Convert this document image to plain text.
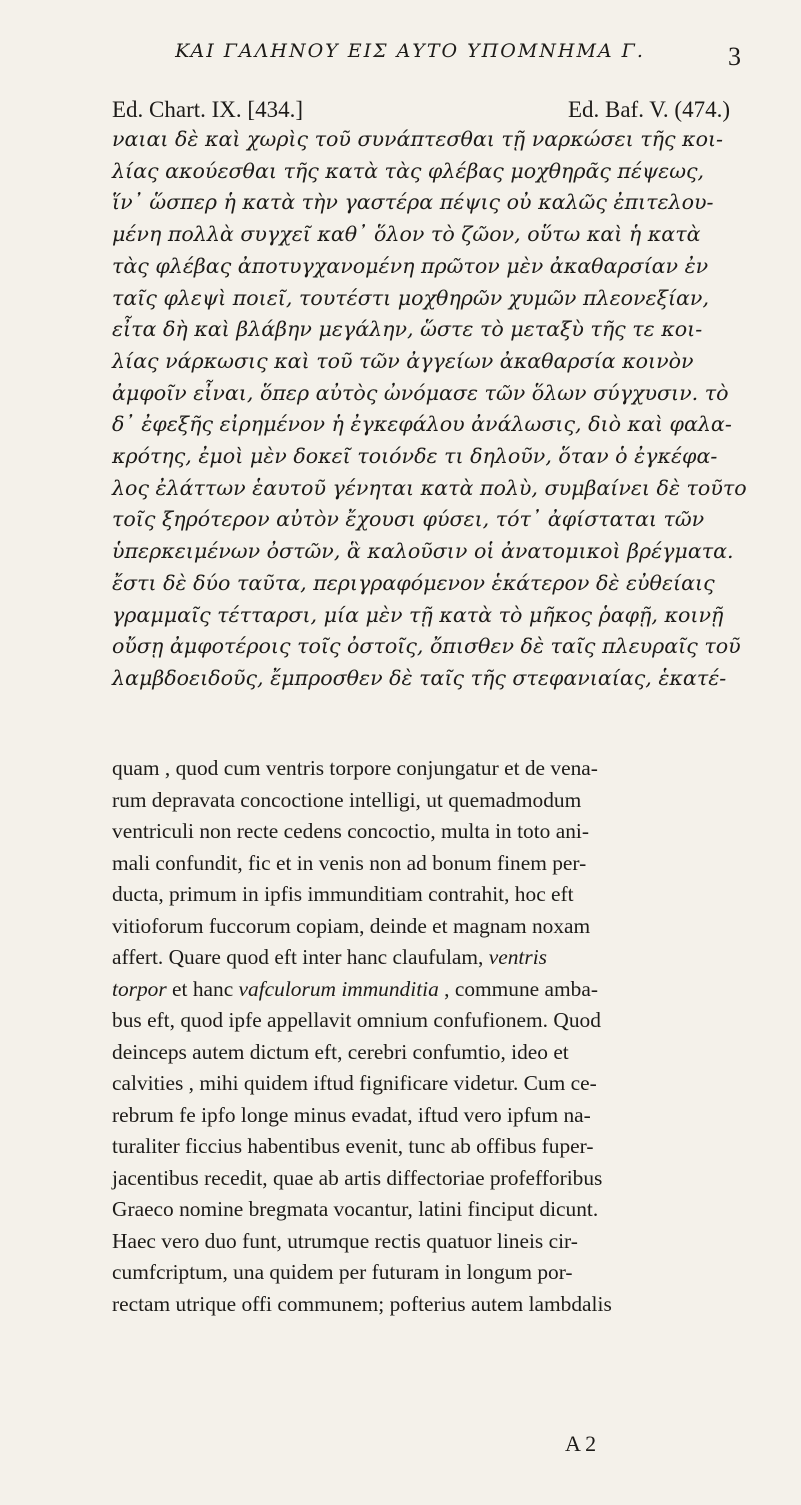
KAI ΓΑΛΗΝΟΥ ΕΙΣ ΑΥΤΟ ΥΠΟΜΝΗΜΑ Γ.	3
Ed. Chart. IX. [434.]	Ed. Baf. V. (474.)
ναιαι δὲ καὶ χωρὶς τοῦ συνάπτεσθαι τῇ ναρκώσει τῆς κοι-
λίας ακούεσθαι τῆς κατὰ τὰς φλέβας μοχθηρᾶς πέψεως,
ἵν᾽ ὥσπερ ἡ κατὰ τὴν γαστέρα πέψις οὐ καλῶς ἐπιτελου-
μένη πολλὰ συγχεῖ καθ᾽ ὅλον τὸ ζῶον, οὕτω καὶ ἡ κατὰ
τὰς φλέβας ἀποτυγχανομένη πρῶτον μὲν ἀκαθαρσίαν ἐν
ταῖς φλεψὶ ποιεῖ, τουτέστι μοχθηρῶν χυμῶν πλεονεξίαν,
εἶτα δὴ καὶ βλάβην μεγάλην, ὥστε τὸ μεταξὺ τῆς τε κοι-
λίας νάρκωσις καὶ τοῦ τῶν ἀγγείων ἀκαθαρσία κοινὸν
ἀμφοῖν εἶναι, ὅπερ αὐτὸς ὠνόμασε τῶν ὅλων σύγχυσιν. τὸ
δ᾽ ἐφεξῆς εἰρημένον ἡ ἐγκεφάλου ἀνάλωσις, διὸ καὶ φαλα-
κρότης, ἐμοὶ μὲν δοκεῖ τοιόνδε τι δηλοῦν, ὅταν ὁ ἐγκέφα-
λος ἐλάττων ἑαυτοῦ γένηται κατὰ πολὺ, συμβαίνει δὲ τοῦτο
τοῖς ξηρότερον αὐτὸν ἔχουσι φύσει, τότ᾽ ἀφίσταται τῶν
ὑπερκειμένων ὀστῶν, ἃ καλοῦσιν οἱ ἀνατομικοὶ βρέγματα.
ἔστι δὲ δύο ταῦτα, περιγραφόμενον ἑκάτερον δὲ εὐθείαις
γραμμαῖς τέτταρσι, μία μὲν τῇ κατὰ τὸ μῆκος ῥαφῇ, κοινῇ
οὔσῃ ἀμφοτέροις τοῖς ὀστοῖς, ὄπισθεν δὲ ταῖς πλευραῖς τοῦ
λαμβδοειδοῦς, ἔμπροσθεν δὲ ταῖς τῆς στεφανιαίας, ἑκατέ-
quam , quod cum ventris torpore conjungatur et de vena-
rum depravata concoctione intelligi, ut quemadmodum
ventriculi non recte cedens concoctio, multa in toto ani-
mali confundit, fic et in venis non ad bonum finem per-
ducta, primum in ipfis immunditiam contrahit, hoc eft
vitioforum fuccorum copiam, deinde et magnam noxam
affert. Quare quod eft inter hanc claufulam, ventris
torpor et hanc vafculorum immunditia , commune amba-
bus eft, quod ipfe appellavit omnium confufionem. Quod
deinceps autem dictum eft, cerebri confumtio, ideo et
calvities , mihi quidem iftud fignificare videtur. Cum ce-
rebrum fe ipfo longe minus evadat, iftud vero ipfum na-
turaliter ficcius habentibus evenit, tunc ab offibus fuper-
jacentibus recedit, quae ab artis diffectoriae profefforibus
Graeco nomine bregmata vocantur, latini finciput dicunt.
Haec vero duo funt, utrumque rectis quatuor lineis cir-
cumfcriptum, una quidem per futuram in longum por-
rectam utrique offi communem; pofterius autem lambdalis
A 2
